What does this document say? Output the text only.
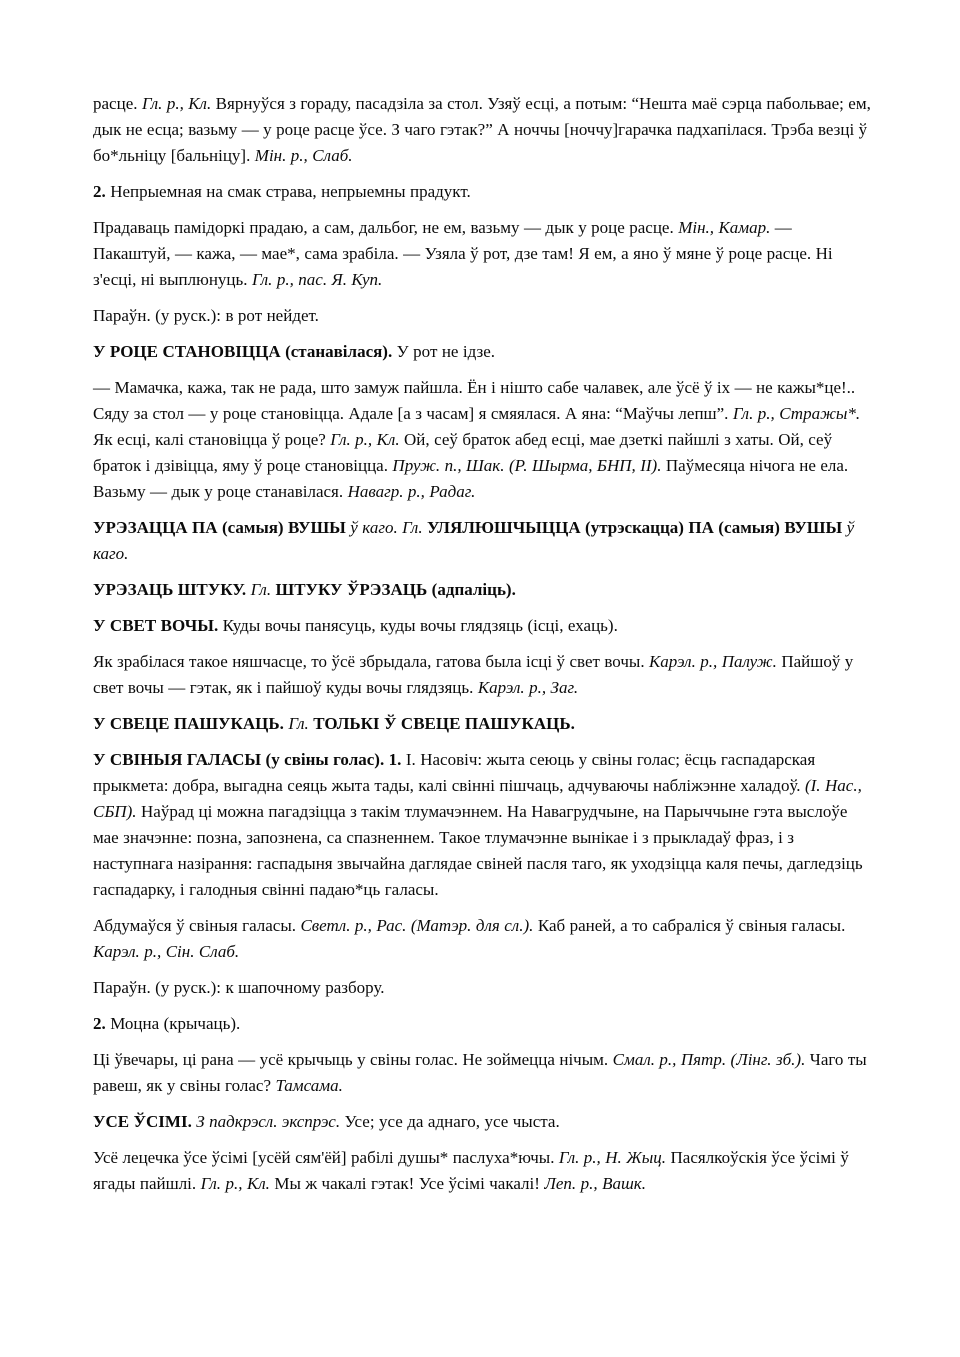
расце. Гл. р., Кл. Вярнуўся з гораду, пасадзіла за стол. Узяў есці, а потым: “Нешта маё сэрца пабольвае; ем, дык не есца; вазьму — у роце расце ўсе. З чаго гэтак?” А ноччы [ноччу]гарачка падхапілася. Трэба везці ў бо*льніцу [бальніцу]. Мін. р., Слаб.

2. Непрыемная на смак страва, непрыемны прадукт.

Прадаваць памідоркі прадаю, а сам, дальбог, не ем, вазьму — дык у роце расце. Мін., Камар. — Пакаштуй, — кажа, — мае*, сама зрабіла. — Узяла ў рот, дзе там! Я ем, а яно ў мяне ў роце расце. Ні з'есці, ні выплюнуць. Гл. р., пас. Я. Куп.

Параўн. (у руск.): в рот нейдет.

У РОЦЕ СТАНОВІЦЦА (станавілася). У рот не ідзе.

— Мамачка, кажа, так не рада, што замуж пайшла. Ён і нішто сабе чалавек, але ўсё ў іх — не кажы*це!.. Сяду за стол — у роце становіцца. Адале [а з часам] я смяялася. А яна: “Маўчы лепш”. Гл. р., Стражы*. Як есці, калі становіцца ў роце? Гл. р., Кл. Ой, сеў браток абед есці, мае дзеткі пайшлі з хаты. Ой, сеў браток і дзівіцца, яму ў роце становіцца. Пруж. п., Шак. (Р. Шырма, БНП, ІІ). Паўмесяца нічога не ела. Вазьму — дык у роце станавілася. Навагр. р., Радаг.

УРЭЗАЦЦА ПА (самыя) ВУШЫ ў каго. Гл. УЛЯЛЮШЧЫЦЦА (утрэскацца) ПА (самыя) ВУШЫ ў каго.

УРЭЗАЦЬ ШТУКУ. Гл. ШТУКУ ЎРЭЗАЦЬ (адпаліць).

У СВЕТ ВОЧЫ. Куды вочы панясуць, куды вочы глядзяць (ісці, ехаць).

Як зрабілася такое няшчасце, то ўсё збрыдала, гатова была ісці ў свет вочы. Карэл. р., Палуж. Пайшоў у свет вочы — гэтак, як і пайшоў куды вочы глядзяць. Карэл. р., Заг.

У СВЕЦЕ ПАШУКАЦЬ. Гл. ТОЛЬКІ Ў СВЕЦЕ ПАШУКАЦЬ.

У СВІНЫЯ ГАЛАСЫ (у свіны голас). 1. І. Насовіч: жыта сеюць у свіны голас; ёсць гаспадарская прыкмета: добра, выгадна сеяць жыта тады, калі свінні пішчаць, адчуваючы набліжэнне халадоў. (І. Нас., СБП). Наўрад ці можна пагадзіцца з такім тлумачэннем. На Навагрудчыне, на Парыччыне гэта выслоўе мае значэнне: позна, запознена, са спазненнем. Такое тлумачэнне вынікае і з прыкладаў фраз, і з наступнага назірання: гаспадыня звычайна даглядае свіней пасля таго, як уходзіцца каля печы, дагледзіць гаспадарку, і галодныя свінні падаю*ць галасы.

Абдумаўся ў свіныя галасы. Светл. р., Рас. (Матэр. для сл.). Каб раней, а то сабраліся ў свіныя галасы. Карэл. р., Сін. Слаб.

Параўн. (у руск.): к шапочному разбору.

2. Моцна (крычаць).

Ці ўвечары, ці рана — усё крычыць у свіны голас. Не зоймецца нічым. Смал. р., Пятр. (Лінг. зб.). Чаго ты равеш, як у свіны голас? Тамсама.

УСЕ ЎСІМІ. З падкрэсл. экспрэс. Усе; усе да аднаго, усе чыста.

Усё лецечка ўсе ўсімі [усёй сям'ёй] рабілі душы* паслуха*ючы. Гл. р., Н. Жыц. Пасялкоўскія ўсе ўсімі ў ягады пайшлі. Гл. р., Кл. Мы ж чакалі гэтак! Усе ўсімі чакалі! Леп. р., Вашк.
